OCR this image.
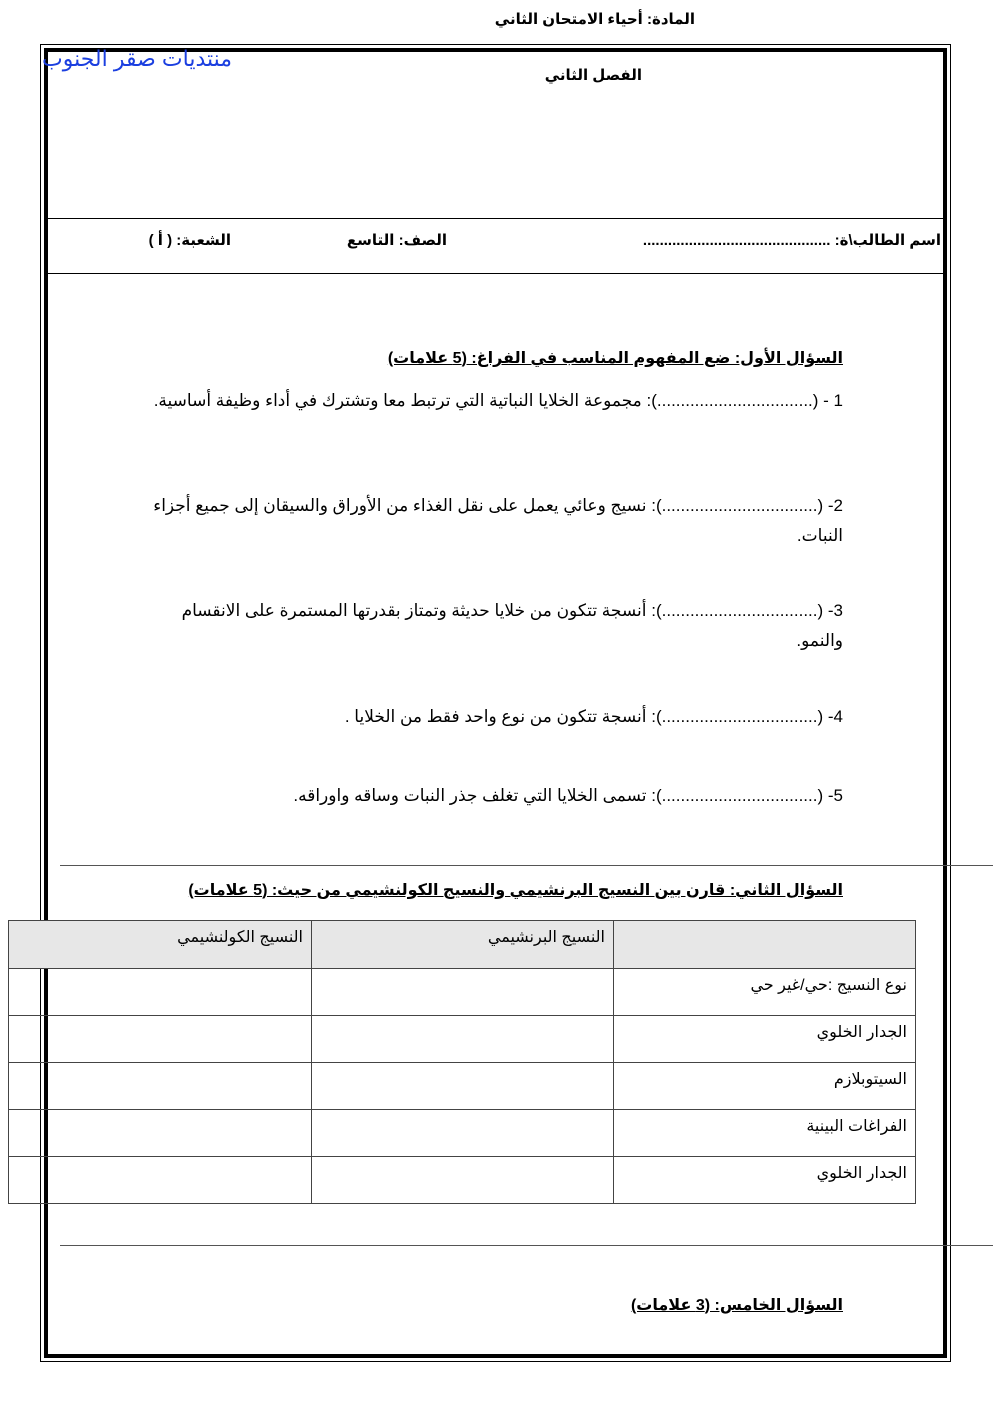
المادة: أحياء الامتحان الثاني
منتديات صقر الجنوب
الفصل الثاني
اسم الطالب\ة: .............................................
الصف: التاسع
الشعبة: ( أ )
السؤال الأول: ضع المفهوم المناسب في الفراغ: (5 علامات)
1 - (.................................): مجموعة الخلايا النباتية التي ترتبط معا وتشترك في أداء وظيفة أساسية.
2- (.................................): نسيج وعائي يعمل على نقل الغذاء من الأوراق والسيقان إلى جميع أجزاء النبات.
3- (.................................): أنسجة تتكون من خلايا حديثة وتمتاز بقدرتها المستمرة على الانقسام والنمو.
4- (.................................): أنسجة تتكون من نوع واحد فقط من الخلايا .
5- (.................................): تسمى الخلايا التي تغلف جذر النبات وساقه واوراقه.
السؤال الثاني: قارن بين النسيج البرنشيمي والنسيج الكولنشيمي من حيث: (5 علامات)
	النسيج البرنشيمي	النسيج الكولنشيمي
نوع النسيج :حي/غير حي		
الجدار الخلوي		
السيتوبلازم		
الفراغات البينية		
الجدار الخلوي		
السؤال الخامس: (3 علامات)
